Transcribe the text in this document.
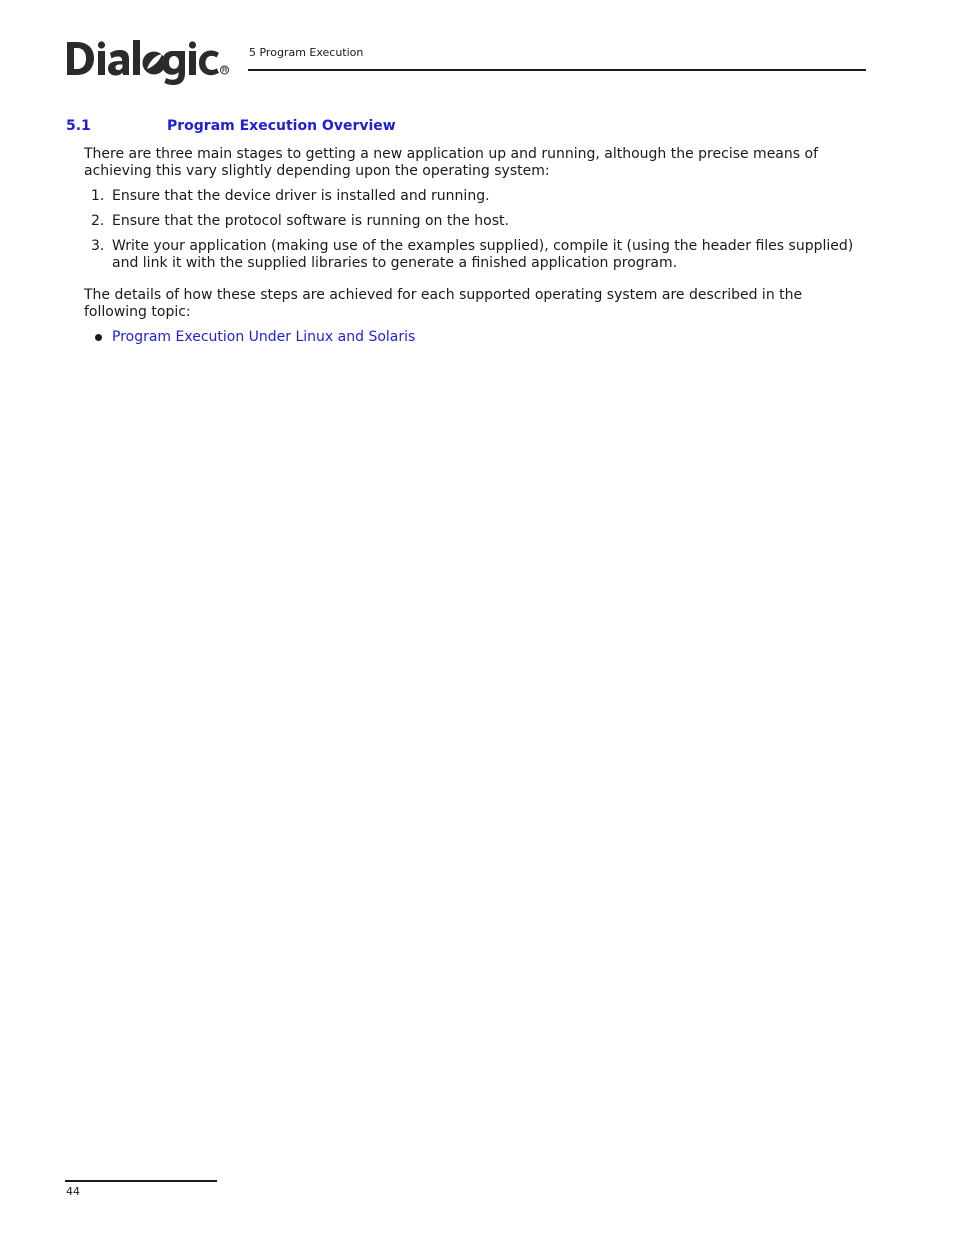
5 Program Execution
5.1	Program Execution Overview
There are three main stages to getting a new application up and running, although the precise means of achieving this vary slightly depending upon the operating system:
1. Ensure that the device driver is installed and running.
2. Ensure that the protocol software is running on the host.
3. Write your application (making use of the examples supplied), compile it (using the header files supplied) and link it with the supplied libraries to generate a finished application program.
The details of how these steps are achieved for each supported operating system are described in the following topic:
Program Execution Under Linux and Solaris
44
